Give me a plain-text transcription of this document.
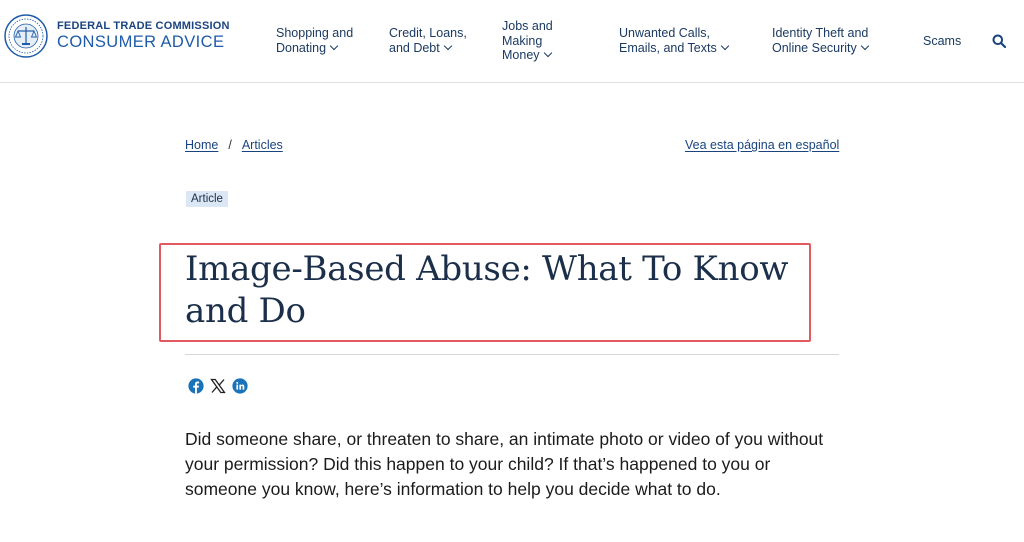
FEDERAL TRADE COMMISSION
CONSUMER ADVICE	Shopping and Donating
Credit, Loans, and Debt
Jobs and Making Money
Unwanted Calls, Emails, and Texts
Identity Theft and Online Security	Scams
Home / Articles	Vea esta página en español
Article
Image-Based Abuse: What To Know and Do

Did someone share, or threaten to share, an intimate photo or video of you without your permission? Did this happen to your child? If that’s happened to you or someone you know, here’s information to help you decide what to do.
